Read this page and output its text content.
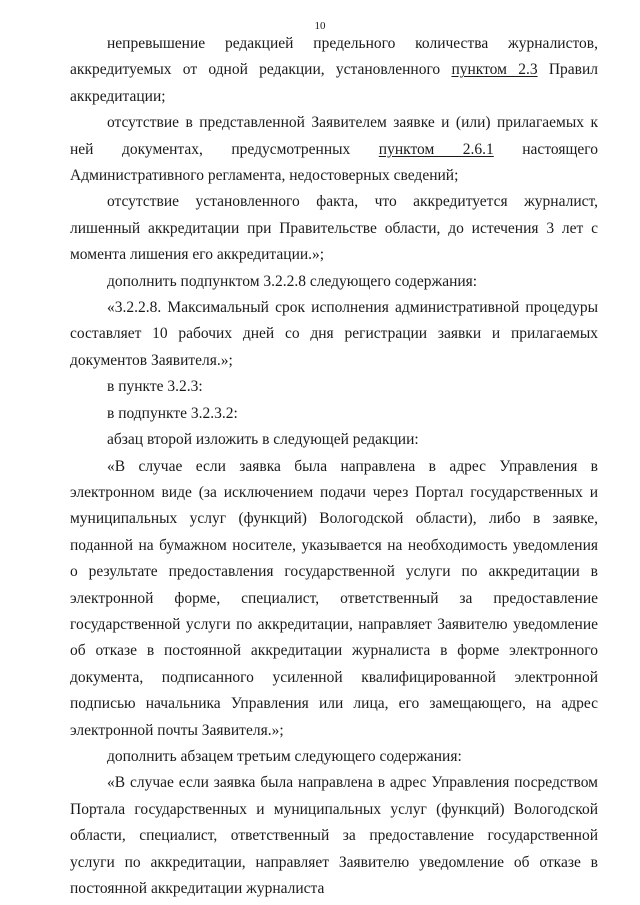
10

непревышение редакцией предельного количества журналистов, аккредитуемых от одной редакции, установленного пунктом 2.3 Правил аккредитации;

отсутствие в представленной Заявителем заявке и (или) прилагаемых к ней документах, предусмотренных пунктом 2.6.1 настоящего Административного регламента, недостоверных сведений;

отсутствие установленного факта, что аккредитуется журналист, лишенный аккредитации при Правительстве области, до истечения 3 лет с момента лишения его аккредитации.»;

дополнить подпунктом 3.2.2.8 следующего содержания:

«3.2.2.8. Максимальный срок исполнения административной процедуры составляет 10 рабочих дней со дня регистрации заявки и прилагаемых документов Заявителя.»;

в пункте 3.2.3:

в подпункте 3.2.3.2:

абзац второй изложить в следующей редакции:

«В случае если заявка была направлена в адрес Управления в электронном виде (за исключением подачи через Портал государственных и муниципальных услуг (функций) Вологодской области), либо в заявке, поданной на бумажном носителе, указывается на необходимость уведомления о результате предоставления государственной услуги по аккредитации в электронной форме, специалист, ответственный за предоставление государственной услуги по аккредитации, направляет Заявителю уведомление об отказе в постоянной аккредитации журналиста в форме электронного документа, подписанного усиленной квалифицированной электронной подписью начальника Управления или лица, его замещающего, на адрес электронной почты Заявителя.»;

дополнить абзацем третьим следующего содержания:

«В случае если заявка была направлена в адрес Управления посредством Портала государственных и муниципальных услуг (функций) Вологодской области, специалист, ответственный за предоставление государственной услуги по аккредитации, направляет Заявителю уведомление об отказе в постоянной аккредитации журналиста
